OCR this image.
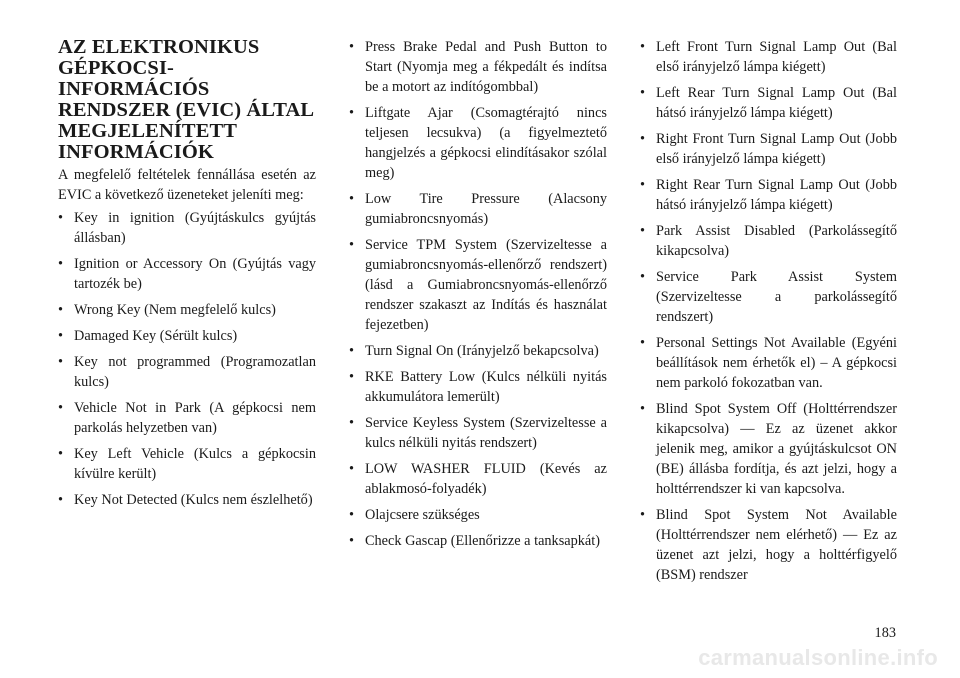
AZ ELEKTRONIKUS GÉPKOCSI-INFORMÁCIÓS RENDSZER (EVIC) ÁLTAL MEGJELENÍTETT INFORMÁCIÓK

A megfelelő feltételek fennállása esetén az EVIC a következő üzeneteket jeleníti meg:

• Key in ignition (Gyújtáskulcs gyújtás állásban)
• Ignition or Accessory On (Gyújtás vagy tartozék be)
• Wrong Key (Nem megfelelő kulcs)
• Damaged Key (Sérült kulcs)
• Key not programmed (Programozatlan kulcs)
• Vehicle Not in Park (A gépkocsi nem parkolás helyzetben van)
• Key Left Vehicle (Kulcs a gépkocsin kívülre került)
• Key Not Detected (Kulcs nem észlelhető)
• Press Brake Pedal and Push Button to Start (Nyomja meg a fékpedált és indítsa be a motort az indítógombbal)
• Liftgate Ajar (Csomagtérajtó nincs teljesen lecsukva) (a figyelmeztető hangjelzés a gépkocsi elindításakor szólal meg)
• Low Tire Pressure (Alacsony gumiabroncsnyomás)
• Service TPM System (Szervizeltesse a gumiabroncsnyomás-ellenőrző rendszert) (lásd a Gumiabroncsnyomás-ellenőrző rendszer szakaszt az Indítás és használat fejezetben)
• Turn Signal On (Irányjelző bekapcsolva)
• RKE Battery Low (Kulcs nélküli nyitás akkumulátora lemerült)
• Service Keyless System (Szervizeltesse a kulcs nélküli nyitás rendszert)
• LOW WASHER FLUID (Kevés az ablakmosó-folyadék)
• Olajcsere szükséges
• Check Gascap (Ellenőrizze a tanksapkát)
• Left Front Turn Signal Lamp Out (Bal első irányjelző lámpa kiégett)
• Left Rear Turn Signal Lamp Out (Bal hátsó irányjelző lámpa kiégett)
• Right Front Turn Signal Lamp Out (Jobb első irányjelző lámpa kiégett)
• Right Rear Turn Signal Lamp Out (Jobb hátsó irányjelző lámpa kiégett)
• Park Assist Disabled (Parkolássegítő kikapcsolva)
• Service Park Assist System (Szervizeltesse a parkolássegítő rendszert)
• Personal Settings Not Available (Egyéni beállítások nem érhetők el) – A gépkocsi nem parkoló fokozatban van.
• Blind Spot System Off (Holttérrendszer kikapcsolva) — Ez az üzenet akkor jelenik meg, amikor a gyújtáskulcsot ON (BE) állásba fordítja, és azt jelzi, hogy a holttérrendszer ki van kapcsolva.
• Blind Spot System Not Available (Holttérrendszer nem elérhető) — Ez az üzenet azt jelzi, hogy a holttérfigyelő (BSM) rendszer
183
carmanualsonline.info
